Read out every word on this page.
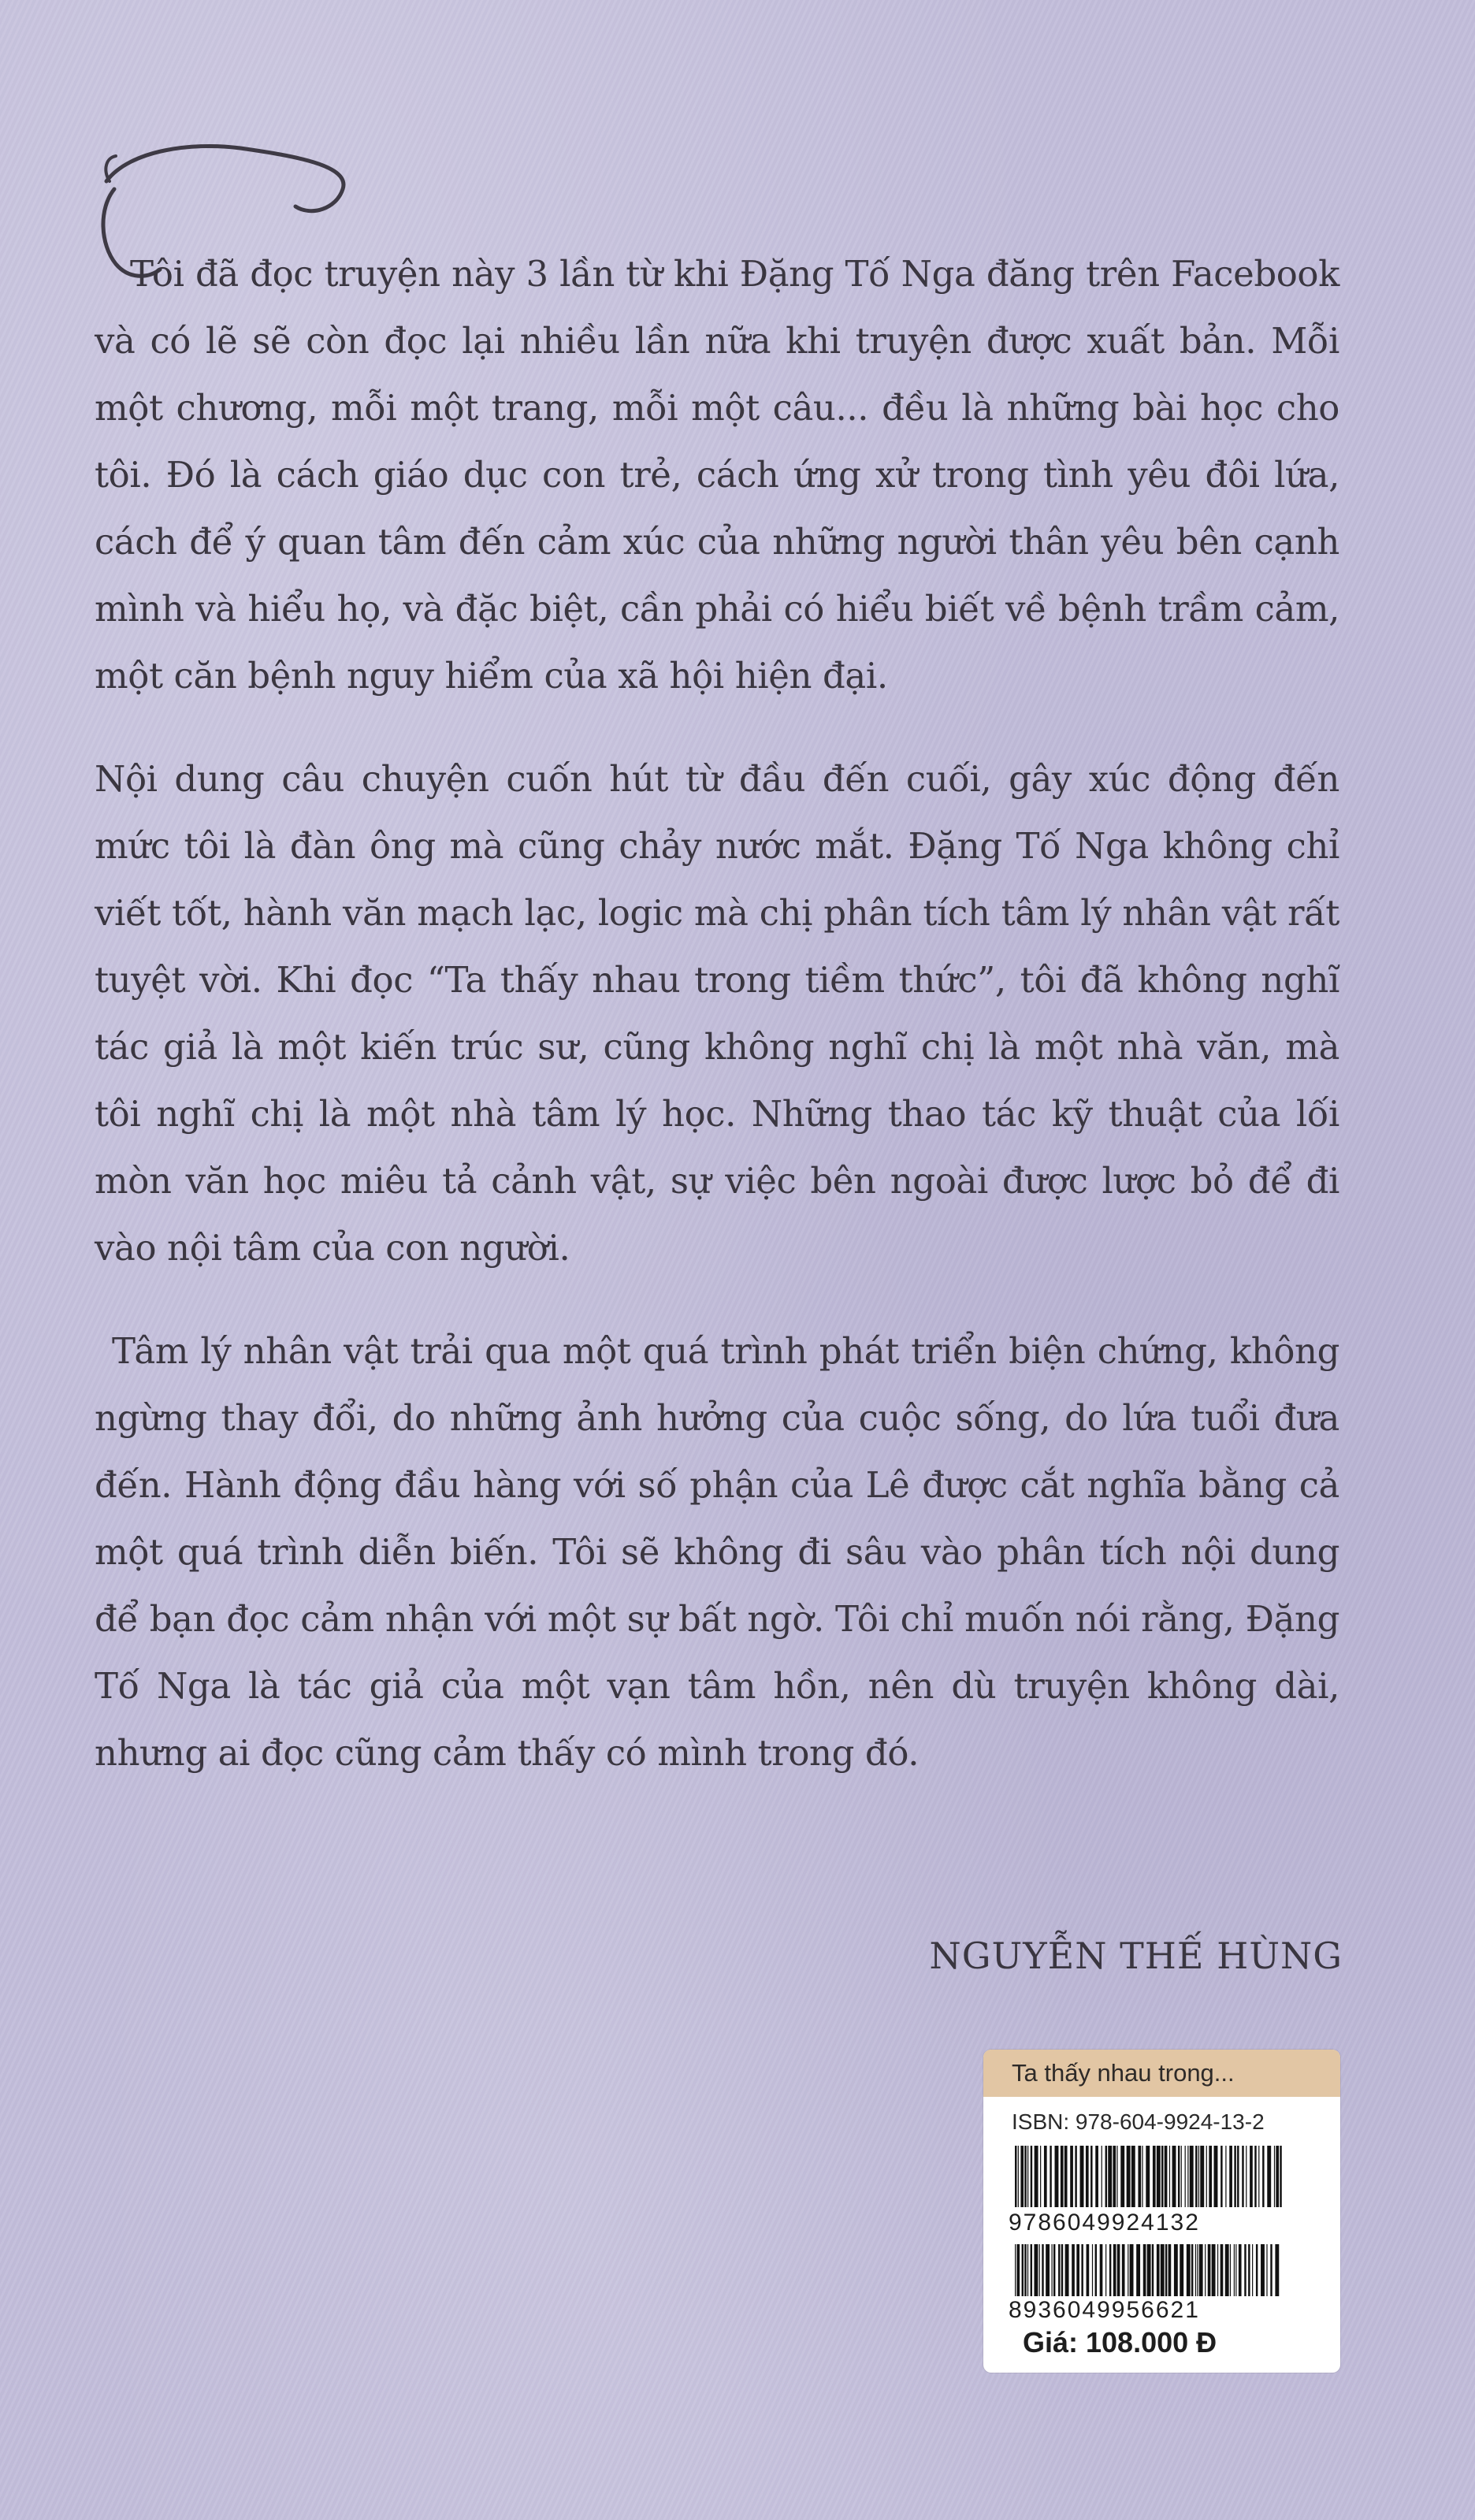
Tôi đã đọc truyện này 3 lần từ khi Đặng Tố Nga đăng trên Facebook và có lẽ sẽ còn đọc lại nhiều lần nữa khi truyện được xuất bản. Mỗi một chương, mỗi một trang, mỗi một câu... đều là những bài học cho tôi. Đó là cách giáo dục con trẻ, cách ứng xử trong tình yêu đôi lứa, cách để ý quan tâm đến cảm xúc của những người thân yêu bên cạnh mình và hiểu họ, và đặc biệt, cần phải có hiểu biết về bệnh trầm cảm, một căn bệnh nguy hiểm của xã hội hiện đại.

Nội dung câu chuyện cuốn hút từ đầu đến cuối, gây xúc động đến mức tôi là đàn ông mà cũng chảy nước mắt. Đặng Tố Nga không chỉ viết tốt, hành văn mạch lạc, logic mà chị phân tích tâm lý nhân vật rất tuyệt vời. Khi đọc “Ta thấy nhau trong tiềm thức”, tôi đã không nghĩ tác giả là một kiến trúc sư, cũng không nghĩ chị là một nhà văn, mà tôi nghĩ chị là một nhà tâm lý học. Những thao tác kỹ thuật của lối mòn văn học miêu tả cảnh vật, sự việc bên ngoài được lược bỏ để đi vào nội tâm của con người.

Tâm lý nhân vật trải qua một quá trình phát triển biện chứng, không ngừng thay đổi, do những ảnh hưởng của cuộc sống, do lứa tuổi đưa đến. Hành động đầu hàng với số phận của Lê được cắt nghĩa bằng cả một quá trình diễn biến. Tôi sẽ không đi sâu vào phân tích nội dung để bạn đọc cảm nhận với một sự bất ngờ. Tôi chỉ muốn nói rằng, Đặng Tố Nga là tác giả của một vạn tâm hồn, nên dù truyện không dài, nhưng ai đọc cũng cảm thấy có mình trong đó.

NGUYỄN THẾ HÙNG
Ta thấy nhau trong...
ISBN: 978-604-9924-13-2
9786049924132
8936049956621
Giá: 108.000 Đ
